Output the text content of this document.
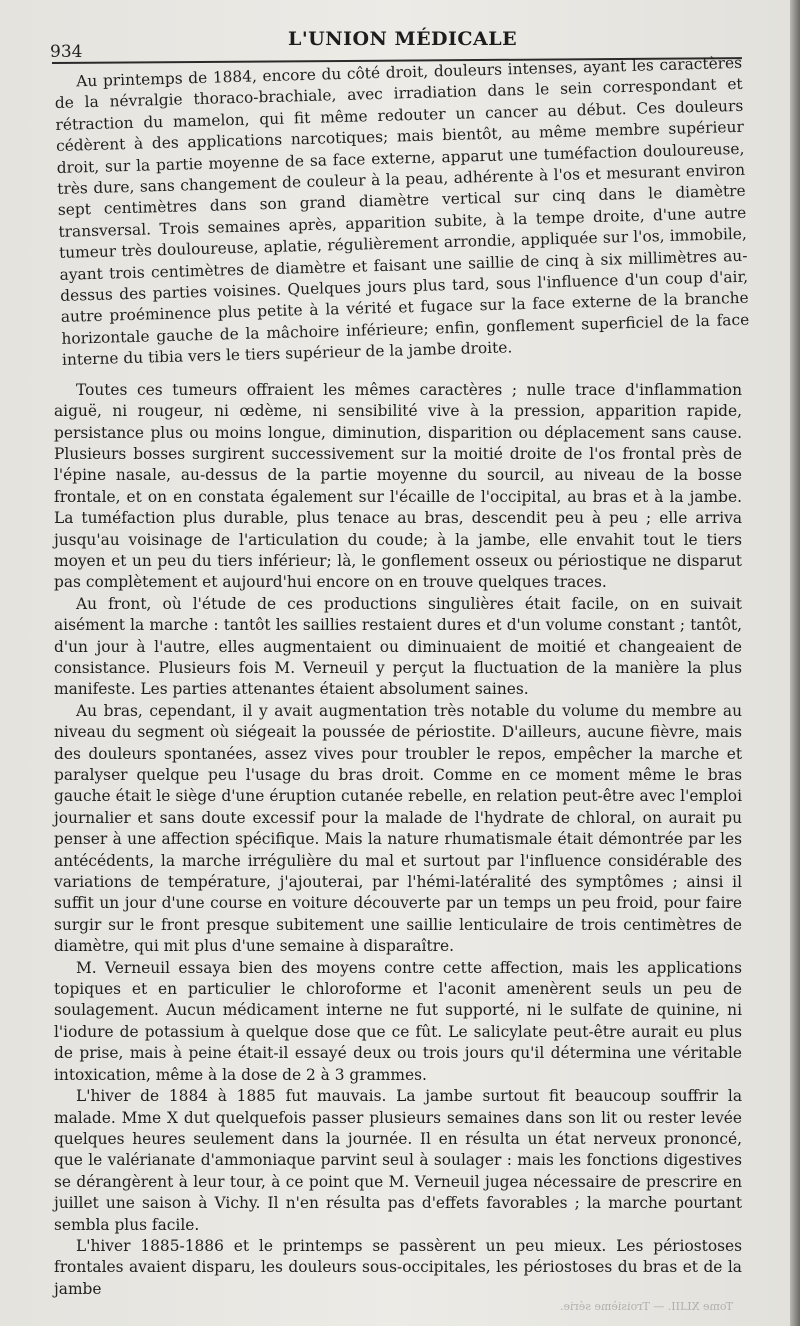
934
L'UNION MÉDICALE

Au printemps de 1884, encore du côté droit, douleurs intenses, ayant les caractères de la névralgie thoraco-brachiale, avec irradiation dans le sein correspondant et rétraction du mamelon, qui fit même redouter un cancer au début. Ces douleurs cédèrent à des applications narcotiques; mais bientôt, au même membre supérieur droit, sur la partie moyenne de sa face externe, apparut une tuméfaction douloureuse, très dure, sans changement de couleur à la peau, adhérente à l'os et mesurant environ sept centimètres dans son grand diamètre vertical sur cinq dans le diamètre transversal. Trois semaines après, apparition subite, à la tempe droite, d'une autre tumeur très douloureuse, aplatie, régulièrement arrondie, appliquée sur l'os, immobile, ayant trois centimètres de diamètre et faisant une saillie de cinq à six millimètres au-dessus des parties voisines. Quelques jours plus tard, sous l'influence d'un coup d'air, autre proéminence plus petite à la vérité et fugace sur la face externe de la branche horizontale gauche de la mâchoire inférieure; enfin, gonflement superficiel de la face interne du tibia vers le tiers supérieur de la jambe droite.

Toutes ces tumeurs offraient les mêmes caractères ; nulle trace d'inflammation aiguë, ni rougeur, ni œdème, ni sensibilité vive à la pression, apparition rapide, persistance plus ou moins longue, diminution, disparition ou déplacement sans cause. Plusieurs bosses surgirent successivement sur la moitié droite de l'os frontal près de l'épine nasale, au-dessus de la partie moyenne du sourcil, au niveau de la bosse frontale, et on en constata également sur l'écaille de l'occipital, au bras et à la jambe. La tuméfaction plus durable, plus tenace au bras, descendit peu à peu ; elle arriva jusqu'au voisinage de l'articulation du coude; à la jambe, elle envahit tout le tiers moyen et un peu du tiers inférieur; là, le gonflement osseux ou périostique ne disparut pas complètement et aujourd'hui encore on en trouve quelques traces.

Au front, où l'étude de ces productions singulières était facile, on en suivait aisément la marche : tantôt les saillies restaient dures et d'un volume constant ; tantôt, d'un jour à l'autre, elles augmentaient ou diminuaient de moitié et changeaient de consistance. Plusieurs fois M. Verneuil y perçut la fluctuation de la manière la plus manifeste. Les parties attenantes étaient absolument saines.

Au bras, cependant, il y avait augmentation très notable du volume du membre au niveau du segment où siégeait la poussée de périostite. D'ailleurs, aucune fièvre, mais des douleurs spontanées, assez vives pour troubler le repos, empêcher la marche et paralyser quelque peu l'usage du bras droit. Comme en ce moment même le bras gauche était le siège d'une éruption cutanée rebelle, en relation peut-être avec l'emploi journalier et sans doute excessif pour la malade de l'hydrate de chloral, on aurait pu penser à une affection spécifique. Mais la nature rhumatismale était démontrée par les antécédents, la marche irrégulière du mal et surtout par l'influence considérable des variations de température, j'ajouterai, par l'hémi-latéralité des symptômes ; ainsi il suffit un jour d'une course en voiture découverte par un temps un peu froid, pour faire surgir sur le front presque subitement une saillie lenticulaire de trois centimètres de diamètre, qui mit plus d'une semaine à disparaître.

M. Verneuil essaya bien des moyens contre cette affection, mais les applications topiques et en particulier le chloroforme et l'aconit amenèrent seuls un peu de soulagement. Aucun médicament interne ne fut supporté, ni le sulfate de quinine, ni l'iodure de potassium à quelque dose que ce fût. Le salicylate peut-être aurait eu plus de prise, mais à peine était-il essayé deux ou trois jours qu'il détermina une véritable intoxication, même à la dose de 2 à 3 grammes.

L'hiver de 1884 à 1885 fut mauvais. La jambe surtout fit beaucoup souffrir la malade. Mme X dut quelquefois passer plusieurs semaines dans son lit ou rester levée quelques heures seulement dans la journée. Il en résulta un état nerveux prononcé, que le valérianate d'ammoniaque parvint seul à soulager : mais les fonctions digestives se dérangèrent à leur tour, à ce point que M. Verneuil jugea nécessaire de prescrire en juillet une saison à Vichy. Il n'en résulta pas d'effets favorables ; la marche pourtant sembla plus facile.

L'hiver 1885-1886 et le printemps se passèrent un peu mieux. Les périostoses frontales avaient disparu, les douleurs sous-occipitales, les périostoses du bras et de la jambe

Tome XLIII. — Troisième série.
